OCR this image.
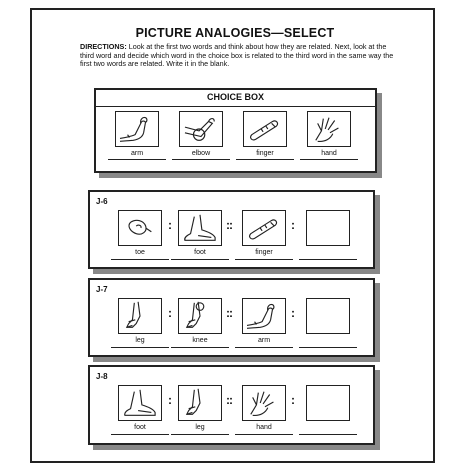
PICTURE ANALOGIES—SELECT
DIRECTIONS: Look at the first two words and think about how they are related. Next, look at the third word and decide which word in the choice box is related to the third word in the same way the first two words are related. Write it in the blank.
CHOICE BOX
arm	elbow	finger	hand
J-6
toe
:
foot
::
finger
:
J-7
leg
:
knee
::
arm
:
J-8
foot
:
leg
::
hand
:
